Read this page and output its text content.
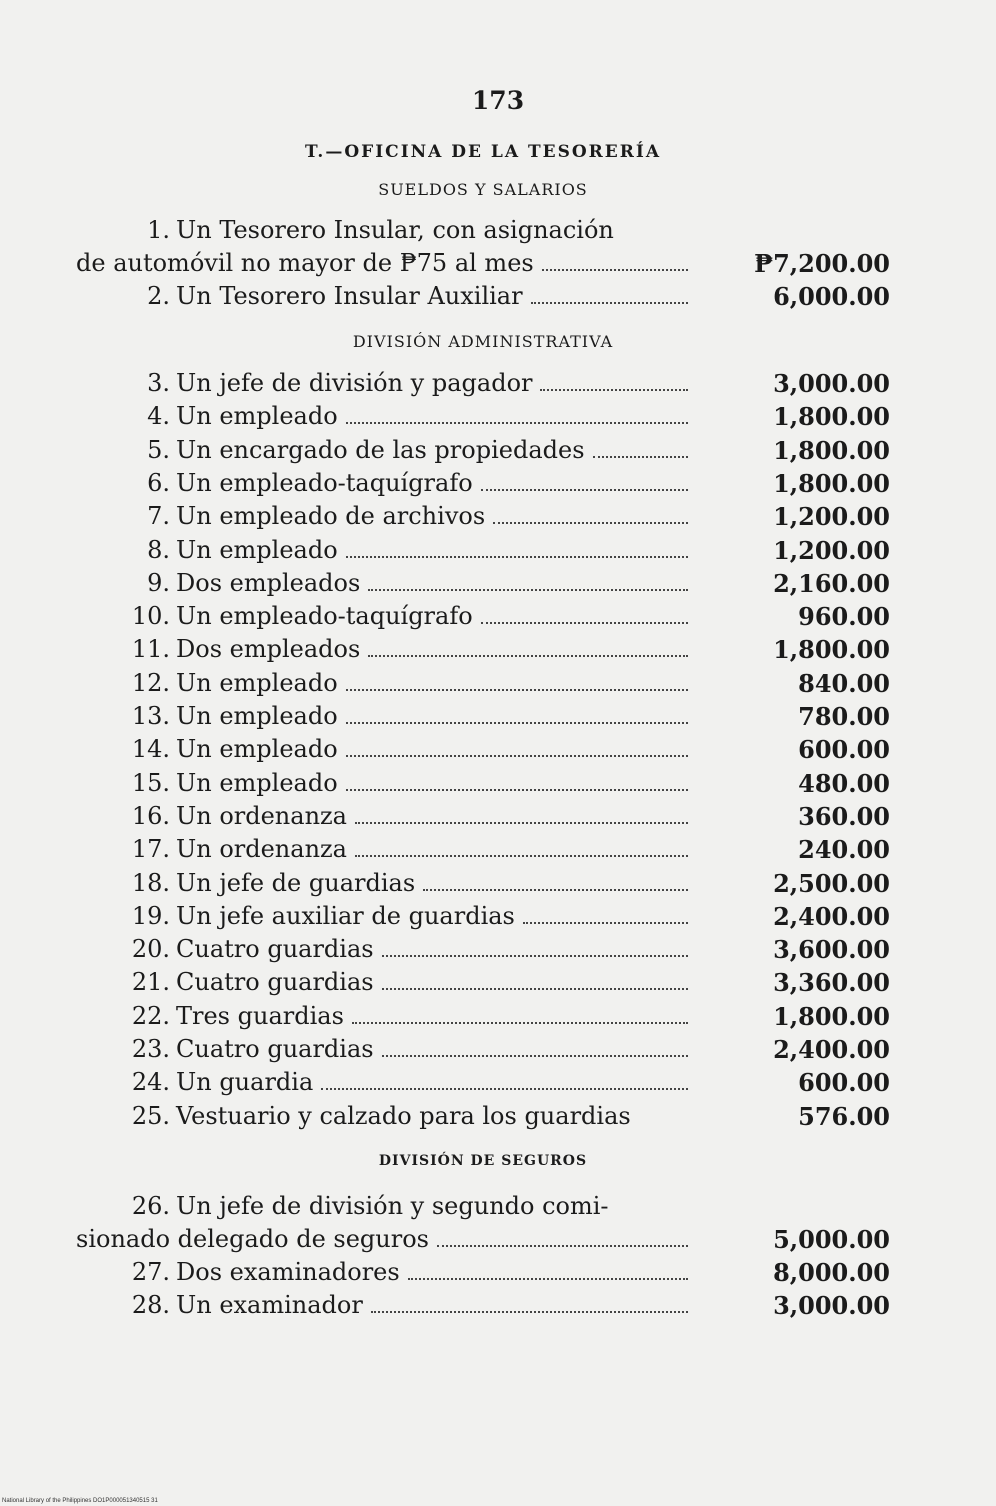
173
T.—OFICINA DE LA TESORERÍA
SUELDOS Y SALARIOS
1. Un Tesorero Insular, con asignación
de automóvil no mayor de ₱75 al mes	₱7,200.00
2. Un Tesorero Insular Auxiliar	6,000.00
DIVISIÓN ADMINISTRATIVA
3. Un jefe de división y pagador	3,000.00
4. Un empleado	1,800.00
5. Un encargado de las propiedades	1,800.00
6. Un empleado-taquígrafo	1,800.00
7. Un empleado de archivos	1,200.00
8. Un empleado	1,200.00
9. Dos empleados	2,160.00
10. Un empleado-taquígrafo	960.00
11. Dos empleados	1,800.00
12. Un empleado	840.00
13. Un empleado	780.00
14. Un empleado	600.00
15. Un empleado	480.00
16. Un ordenanza	360.00
17. Un ordenanza	240.00
18. Un jefe de guardias	2,500.00
19. Un jefe auxiliar de guardias	2,400.00
20. Cuatro guardias	3,600.00
21. Cuatro guardias	3,360.00
22. Tres guardias	1,800.00
23. Cuatro guardias	2,400.00
24. Un guardia	600.00
25. Vestuario y calzado para los guardias	576.00
DIVISIÓN DE SEGUROS
26. Un jefe de división y segundo comi-
sionado delegado de seguros	5,000.00
27. Dos examinadores	8,000.00
28. Un examinador	3,000.00
National Library of the Philippines DO1P000051340515 31
